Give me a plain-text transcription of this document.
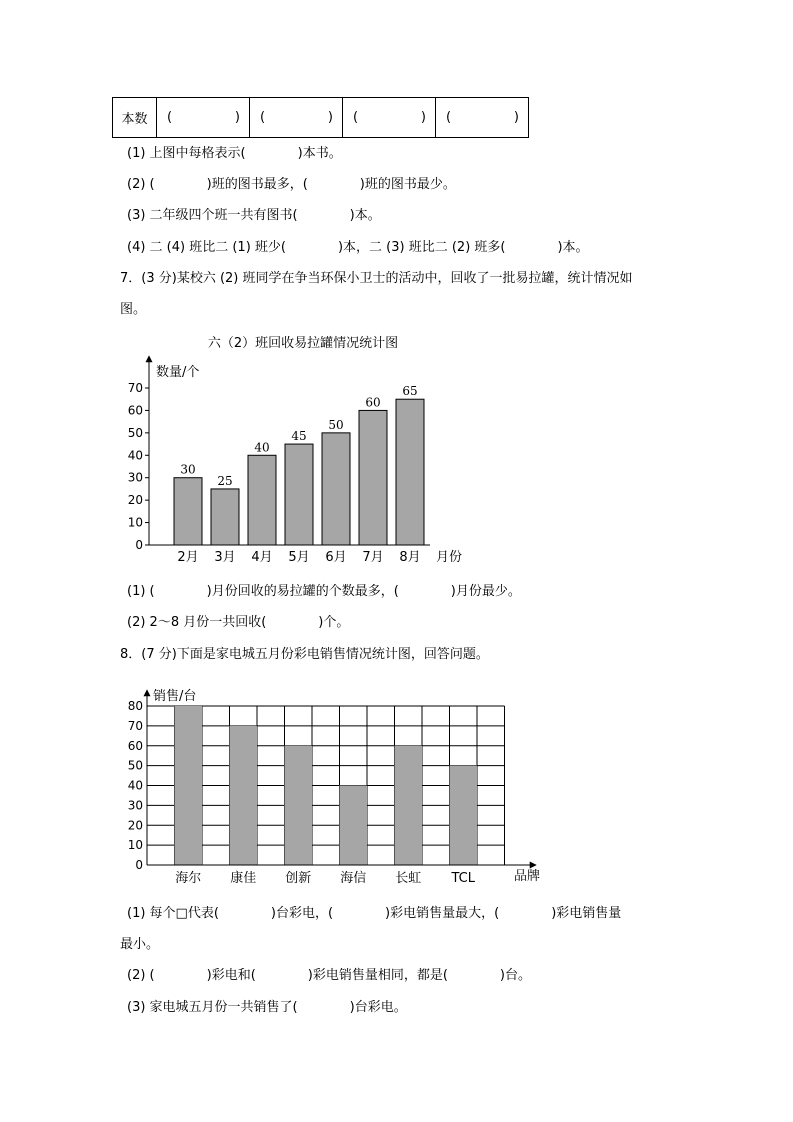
本数	(	)	(	)	(	)	(	)
(1) 上图中每格表示(　　　　)本书。
(2) (　　　　)班的图书最多，(　　　　)班的图书最少。
(3) 二年级四个班一共有图书(　　　　)本。
(4) 二 (4) 班比二 (1) 班少(　　　　)本，二 (3) 班比二 (2) 班多(　　　　)本。
7．(3 分)某校六 (2) 班同学在争当环保小卫士的活动中，回收了一批易拉罐，统计情况如
图。
六（2）班回收易拉罐情况统计图
数量/个
月份
0
10
20
30
40
50
60
70
30
2月
25
3月
40
4月
45
5月
50
6月
60
7月
65
8月
销售/台
品牌
0
10
20
30
40
50
60
70
80
海尔 康佳 创新 海信 长虹 TCL
(1) (　　　　)月份回收的易拉罐的个数最多，(　　　　)月份最少。
(2) 2～8 月份一共回收(　　　　)个。
8．(7 分)下面是家电城五月份彩电销售情况统计图，回答问题。
(1) 每个□代表(　　　　)台彩电，(　　　　)彩电销售量最大，(　　　　)彩电销售量
最小。
(2) (　　　　)彩电和(　　　　)彩电销售量相同，都是(　　　　)台。
(3) 家电城五月份一共销售了(　　　　)台彩电。
